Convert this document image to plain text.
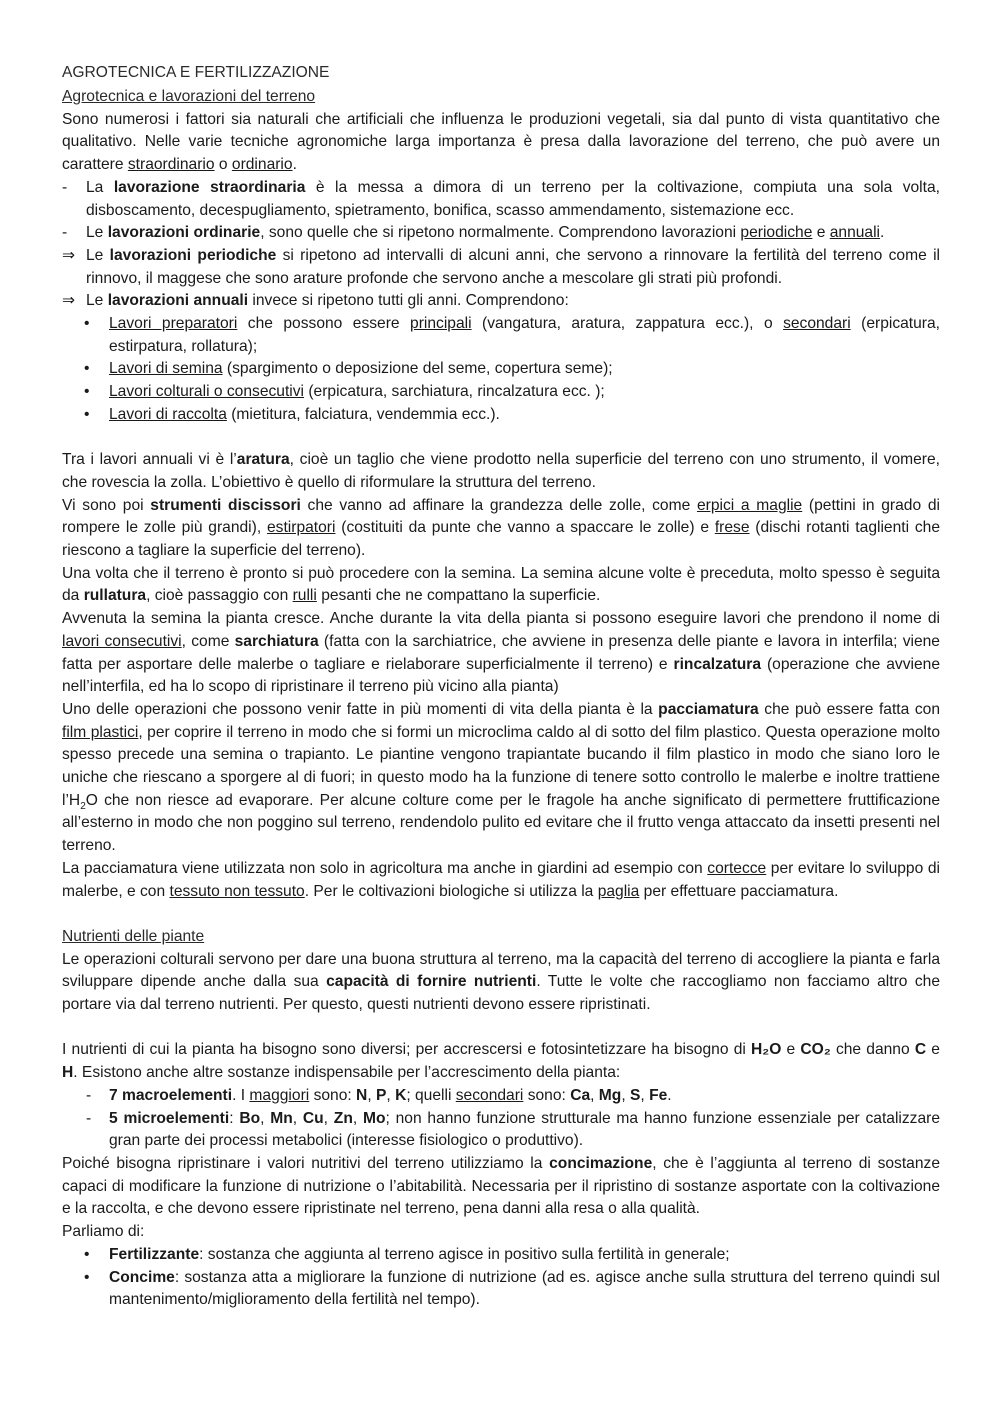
AGROTECNICA E FERTILIZZAZIONE
Agrotecnica e lavorazioni del terreno

Sono numerosi i fattori sia naturali che artificiali che influenza le produzioni vegetali, sia dal punto di vista quantitativo che qualitativo. Nelle varie tecniche agronomiche larga importanza è presa dalla lavorazione del terreno, che può avere un carattere straordinario o ordinario.

-	La lavorazione straordinaria è la messa a dimora di un terreno per la coltivazione, compiuta una sola volta, disboscamento, decespugliamento, spietramento, bonifica, scasso ammendamento, sistemazione ecc.
-	Le lavorazioni ordinarie, sono quelle che si ripetono normalmente. Comprendono lavorazioni periodiche e annuali.
⇒ Le lavorazioni periodiche si ripetono ad intervalli di alcuni anni, che servono a rinnovare la fertilità del terreno come il rinnovo, il maggese che sono arature profonde che servono anche a mescolare gli strati più profondi.
⇒ Le lavorazioni annuali invece si ripetono tutti gli anni. Comprendono:
• Lavori preparatori che possono essere principali (vangatura, aratura, zappatura ecc.), o secondari (erpicatura, estirpatura, rollatura);
• Lavori di semina (spargimento o deposizione del seme, copertura seme);
• Lavori colturali o consecutivi (erpicatura, sarchiatura, rincalzatura ecc. );
• Lavori di raccolta (mietitura, falciatura, vendemmia ecc.).

Tra i lavori annuali vi è l’aratura, cioè un taglio che viene prodotto nella superficie del terreno con uno strumento, il vomere, che rovescia la zolla. L’obiettivo è quello di riformulare la struttura del terreno.

Vi sono poi strumenti discissori che vanno ad affinare la grandezza delle zolle, come erpici a maglie (pettini in grado di rompere le zolle più grandi), estirpatori (costituiti da punte che vanno a spaccare le zolle) e frese (dischi rotanti taglienti che riescono a tagliare la superficie del terreno).

Una volta che il terreno è pronto si può procedere con la semina. La semina alcune volte è preceduta, molto spesso è seguita da rullatura, cioè passaggio con rulli pesanti che ne compattano la superficie.

Avvenuta la semina la pianta cresce. Anche durante la vita della pianta si possono eseguire lavori che prendono il nome di lavori consecutivi, come sarchiatura (fatta con la sarchiatrice, che avviene in presenza delle piante e lavora in interfila; viene fatta per asportare delle malerbe o tagliare e rielaborare superficialmente il terreno) e rincalzatura (operazione che avviene nell’interfila, ed ha lo scopo di ripristinare il terreno più vicino alla pianta)

Uno delle operazioni che possono venir fatte in più momenti di vita della pianta è la pacciamatura che può essere fatta con film plastici, per coprire il terreno in modo che si formi un microclima caldo al di sotto del film plastico. Questa operazione molto spesso precede una semina o trapianto. Le piantine vengono trapiantate bucando il film plastico in modo che siano loro le uniche che riescano a sporgere al di fuori; in questo modo ha la funzione di tenere sotto controllo le malerbe e inoltre trattiene $l’H_2O$ che non riesce ad evaporare. Per alcune colture come per le fragole ha anche significato di permettere fruttificazione all’esterno in modo che non poggino sul terreno, rendendolo pulito ed evitare che il frutto venga attaccato da insetti presenti nel terreno.

La pacciamatura viene utilizzata non solo in agricoltura ma anche in giardini ad esempio con cortecce per evitare lo sviluppo di malerbe, e con tessuto non tessuto. Per le coltivazioni biologiche si utilizza la paglia per effettuare pacciamatura.

Nutrienti delle piante

Le operazioni colturali servono per dare una buona struttura al terreno, ma la capacità del terreno di accogliere la pianta e farla svilupparе dipende anche dalla sua capacità di fornire nutrienti. Tutte le volte che raccogliamo non facciamo altro che portare via dal terreno nutrienti. Per questo, questi nutrienti devono essere ripristinati.

I nutrienti di cui la pianta ha bisogno sono diversi; per accrescersi e fotosintetizzare ha bisogno di H₂O e CO₂ che danno C e H. Esistono anche altre sostanze indispensabile per l’accrescimento della pianta:

- 7 macroelementi. I maggiori sono: N, P, K; quelli secondari sono: Ca, Mg, S, Fe.
- 5 microelementi: Bo, Mn, Cu, Zn, Mo; non hanno funzione strutturale ma hanno funzione essenziale per catalizzare gran parte dei processi metabolici (interesse fisiologico o produttivo).

Poiché bisogna ripristinare i valori nutritivi del terreno utilizziamo la concimazione, che è l’aggiunta al terreno di sostanze capaci di modificare la funzione di nutrizione o l’abitabilità. Necessaria per il ripristino di sostanze asportate con la coltivazione e la raccolta, e che devono essere ripristinate nel terreno, pena danni alla resa o alla qualità.

Parliamo di:

• Fertilizzante: sostanza che aggiunta al terreno agisce in positivo sulla fertilità in generale;
• Concime: sostanza atta a migliorare la funzione di nutrizione (ad es. agisce anche sulla struttura del terreno quindi sul mantenimento/miglioramento della fertilità nel tempo).
